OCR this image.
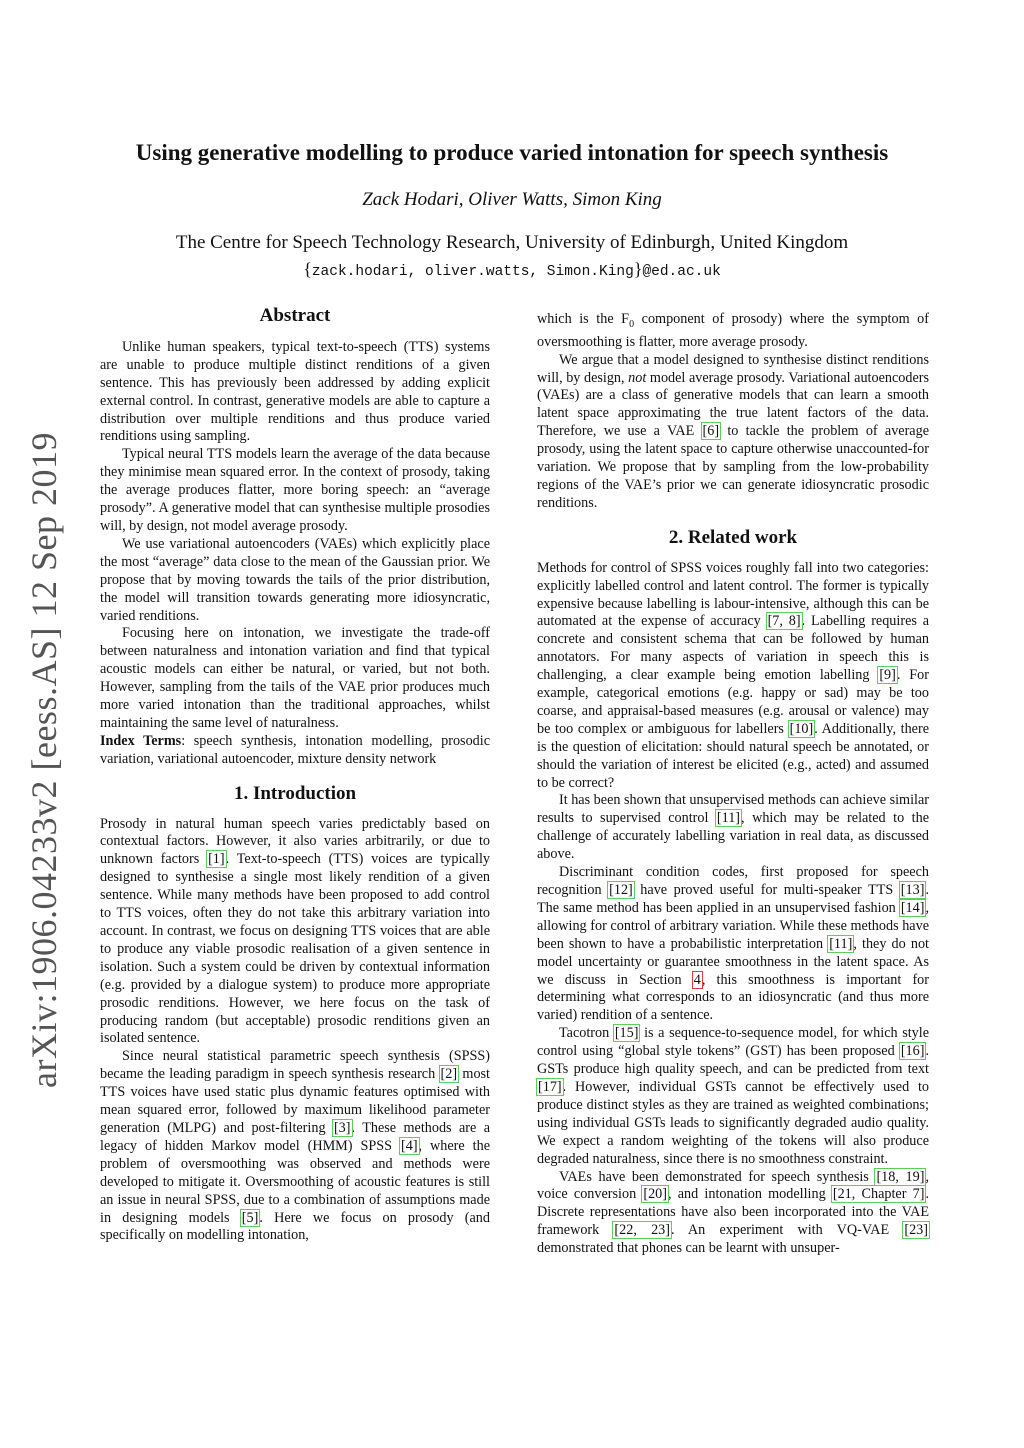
arXiv:1906.04233v2 [eess.AS] 12 Sep 2019
Using generative modelling to produce varied intonation for speech synthesis
Zack Hodari, Oliver Watts, Simon King
The Centre for Speech Technology Research, University of Edinburgh, United Kingdom
{zack.hodari, oliver.watts, Simon.King}@ed.ac.uk
Abstract

Unlike human speakers, typical text-to-speech (TTS) systems are unable to produce multiple distinct renditions of a given sentence. This has previously been addressed by adding explicit external control. In contrast, generative models are able to capture a distribution over multiple renditions and thus produce varied renditions using sampling.

Typical neural TTS models learn the average of the data because they minimise mean squared error. In the context of prosody, taking the average produces flatter, more boring speech: an “average prosody”. A generative model that can synthesise multiple prosodies will, by design, not model average prosody.

We use variational autoencoders (VAEs) which explicitly place the most “average” data close to the mean of the Gaussian prior. We propose that by moving towards the tails of the prior distribution, the model will transition towards generating more idiosyncratic, varied renditions.

Focusing here on intonation, we investigate the trade-off between naturalness and intonation variation and find that typical acoustic models can either be natural, or varied, but not both. However, sampling from the tails of the VAE prior produces much more varied intonation than the traditional approaches, whilst maintaining the same level of naturalness.

Index Terms: speech synthesis, intonation modelling, prosodic variation, variational autoencoder, mixture density network

1. Introduction

Prosody in natural human speech varies predictably based on contextual factors. However, it also varies arbitrarily, or due to unknown factors [1]. Text-to-speech (TTS) voices are typically designed to synthesise a single most likely rendition of a given sentence. While many methods have been proposed to add control to TTS voices, often they do not take this arbitrary variation into account. In contrast, we focus on designing TTS voices that are able to produce any viable prosodic realisation of a given sentence in isolation. Such a system could be driven by contextual information (e.g. provided by a dialogue system) to produce more appropriate prosodic renditions. However, we here focus on the task of producing random (but acceptable) prosodic renditions given an isolated sentence.

Since neural statistical parametric speech synthesis (SPSS) became the leading paradigm in speech synthesis research [2] most TTS voices have used static plus dynamic features optimised with mean squared error, followed by maximum likelihood parameter generation (MLPG) and post-filtering [3]. These methods are a legacy of hidden Markov model (HMM) SPSS [4], where the problem of oversmoothing was observed and methods were developed to mitigate it. Oversmoothing of acoustic features is still an issue in neural SPSS, due to a combination of assumptions made in designing models [5]. Here we focus on prosody (and specifically on modelling intonation,

which is the $F_0$ component of prosody) where the symptom of oversmoothing is flatter, more average prosody.

We argue that a model designed to synthesise distinct renditions will, by design, not model average prosody. Variational autoencoders (VAEs) are a class of generative models that can learn a smooth latent space approximating the true latent factors of the data. Therefore, we use a VAE [6] to tackle the problem of average prosody, using the latent space to capture otherwise unaccounted-for variation. We propose that by sampling from the low-probability regions of the VAE’s prior we can generate idiosyncratic prosodic renditions.

2. Related work

Methods for control of SPSS voices roughly fall into two categories: explicitly labelled control and latent control. The former is typically expensive because labelling is labour-intensive, although this can be automated at the expense of accuracy [7, 8]. Labelling requires a concrete and consistent schema that can be followed by human annotators. For many aspects of variation in speech this is challenging, a clear example being emotion labelling [9]. For example, categorical emotions (e.g. happy or sad) may be too coarse, and appraisal-based measures (e.g. arousal or valence) may be too complex or ambiguous for labellers [10]. Additionally, there is the question of elicitation: should natural speech be annotated, or should the variation of interest be elicited (e.g., acted) and assumed to be correct?

It has been shown that unsupervised methods can achieve similar results to supervised control [11], which may be related to the challenge of accurately labelling variation in real data, as discussed above.

Discriminant condition codes, first proposed for speech recognition [12] have proved useful for multi-speaker TTS [13]. The same method has been applied in an unsupervised fashion [14], allowing for control of arbitrary variation. While these methods have been shown to have a probabilistic interpretation [11], they do not model uncertainty or guarantee smoothness in the latent space. As we discuss in Section 4, this smoothness is important for determining what corresponds to an idiosyncratic (and thus more varied) rendition of a sentence.

Tacotron [15] is a sequence-to-sequence model, for which style control using “global style tokens” (GST) has been proposed [16]. GSTs produce high quality speech, and can be predicted from text [17]. However, individual GSTs cannot be effectively used to produce distinct styles as they are trained as weighted combinations; using individual GSTs leads to significantly degraded audio quality. We expect a random weighting of the tokens will also produce degraded naturalness, since there is no smoothness constraint.

VAEs have been demonstrated for speech synthesis [18, 19], voice conversion [20], and intonation modelling [21, Chapter 7]. Discrete representations have also been incorporated into the VAE framework [22, 23]. An experiment with VQ-VAE [23] demonstrated that phones can be learnt with unsuper-
